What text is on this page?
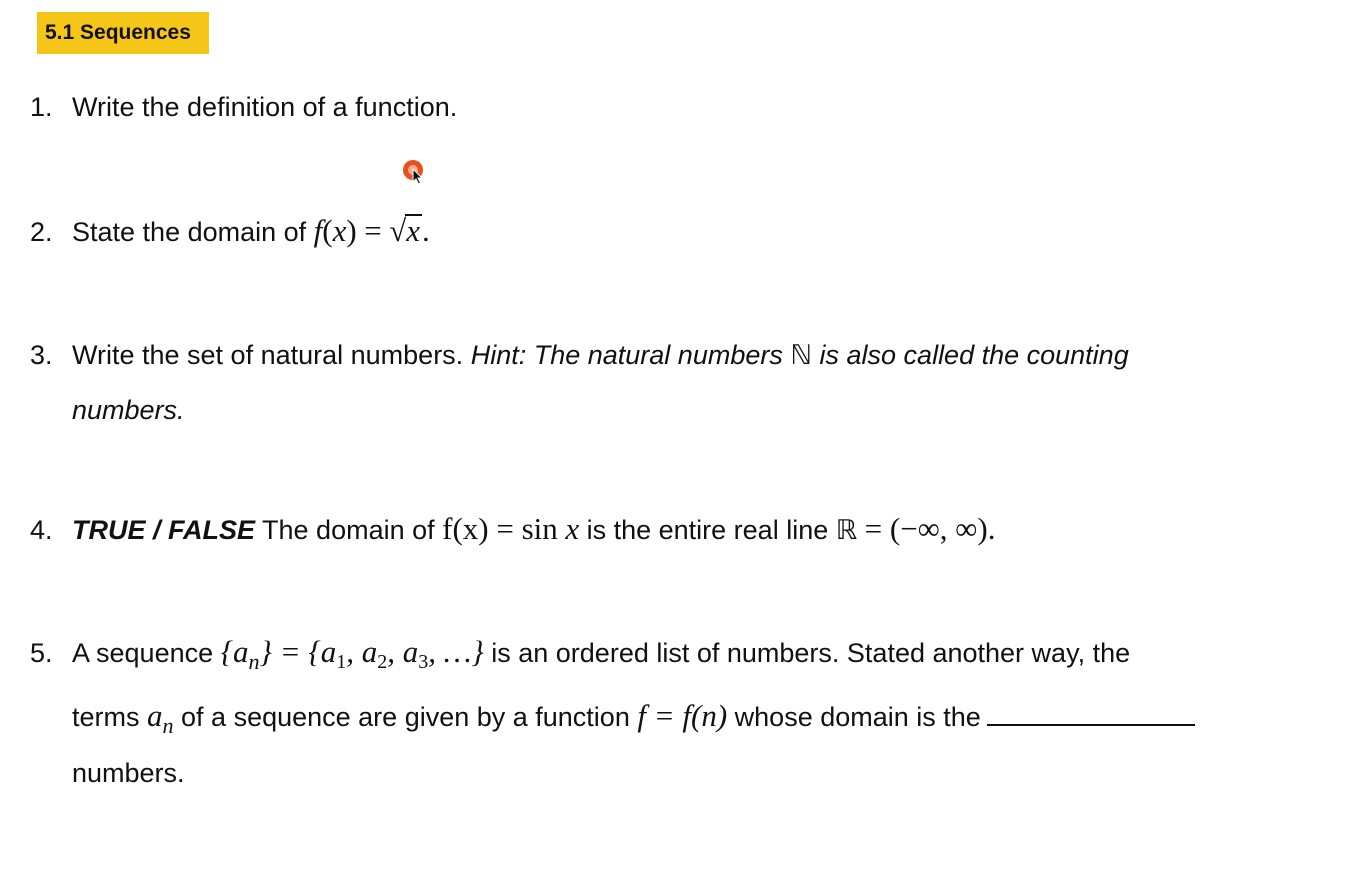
5.1 Sequences
1. Write the definition of a function.
2. State the domain of f(x) = √x.
3. Write the set of natural numbers. Hint: The natural numbers ℕ is also called the counting
numbers.
4. TRUE / FALSE The domain of f(x) = sin x is the entire real line ℝ = (−∞, ∞).
5. A sequence $\{a_n\} = \{a_1$, $a_2$, $a_3$, …} is an ordered list of numbers. Stated another way, the
terms $a_n$ of a sequence are given by a function f = f(n) whose domain is the
numbers.
